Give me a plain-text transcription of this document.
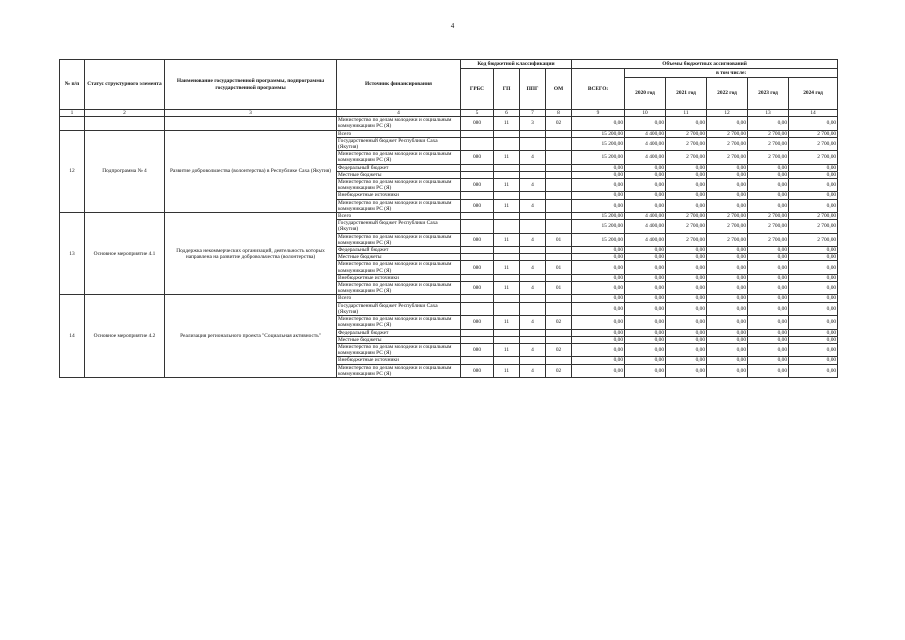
4
№ п/п	Статус структурного элемента	Наименование государственной программы, подпрограммы государственной программы	Источник финансирования	Код бюджетной классификации				Объемы бюджетных ассигнований					
				ГРБС	ГП	ППГ	ОМ	ВСЕГО:	в том числе:				
									2020 год	2021 год	2022 год	2023 год	2024 год
1	2	3	4	5	6	7	8	9	10	11	12	13	14
			Министерство по делам молодежи и социальным коммуникациям РС (Я)	080	11	3	02	0,00	0,00	0,00	0,00	0,00	0,00
12	Подпрограмма № 4	Развитие добровольчества (волонтерства) в Республике Саха (Якутия)	Всего					15 200,00	4 400,00	2 700,00	2 700,00	2 700,00	2 700,00
			Государственный бюджет Республики Саха (Якутия)					15 200,00	4 400,00	2 700,00	2 700,00	2 700,00	2 700,00
			Министерство по делам молодежи и социальным коммуникациям РС (Я)	080	11	4		15 200,00	4 400,00	2 700,00	2 700,00	2 700,00	2 700,00
			Федеральный бюджет					0,00	0,00	0,00	0,00	0,00	0,00
			Местные бюджеты					0,00	0,00	0,00	0,00	0,00	0,00
			Министерство по делам молодежи и социальным коммуникациям РС (Я)	080	11	4		0,00	0,00	0,00	0,00	0,00	0,00
			Внебюджетные источники					0,00	0,00	0,00	0,00	0,00	0,00
			Министерство по делам молодежи и социальным коммуникациям РС (Я)	080	11	4		0,00	0,00	0,00	0,00	0,00	0,00
13	Основное мероприятие 4.1	Поддержка некоммерческих организаций, деятельность которых направлена на развитие добровольчества (волонтерства)	Всего					15 200,00	4 400,00	2 700,00	2 700,00	2 700,00	2 700,00
			Государственный бюджет Республики Саха (Якутия)					15 200,00	4 400,00	2 700,00	2 700,00	2 700,00	2 700,00
			Министерство по делам молодежи и социальным коммуникациям РС (Я)	080	11	4	01	15 200,00	4 400,00	2 700,00	2 700,00	2 700,00	2 700,00
			Федеральный бюджет					0,00	0,00	0,00	0,00	0,00	0,00
			Местные бюджеты					0,00	0,00	0,00	0,00	0,00	0,00
			Министерство по делам молодежи и социальным коммуникациям РС (Я)	080	11	4	01	0,00	0,00	0,00	0,00	0,00	0,00
			Внебюджетные источники					0,00	0,00	0,00	0,00	0,00	0,00
			Министерство по делам молодежи и социальным коммуникациям РС (Я)	080	11	4	01	0,00	0,00	0,00	0,00	0,00	0,00
14	Основное мероприятие 4.2	Реализация регионального проекта "Социальная активность"	Всего					0,00	0,00	0,00	0,00	0,00	0,00
			Государственный бюджет Республики Саха (Якутия)					0,00	0,00	0,00	0,00	0,00	0,00
			Министерство по делам молодежи и социальным коммуникациям РС (Я)	080	11	4	02	0,00	0,00	0,00	0,00	0,00	0,00
			Федеральный бюджет					0,00	0,00	0,00	0,00	0,00	0,00
			Местные бюджеты					0,00	0,00	0,00	0,00	0,00	0,00
			Министерство по делам молодежи и социальным коммуникациям РС (Я)	080	11	4	02	0,00	0,00	0,00	0,00	0,00	0,00
			Внебюджетные источники					0,00	0,00	0,00	0,00	0,00	0,00
			Министерство по делам молодежи и социальным коммуникациям РС (Я)	080	11	4	02	0,00	0,00	0,00	0,00	0,00	0,00
